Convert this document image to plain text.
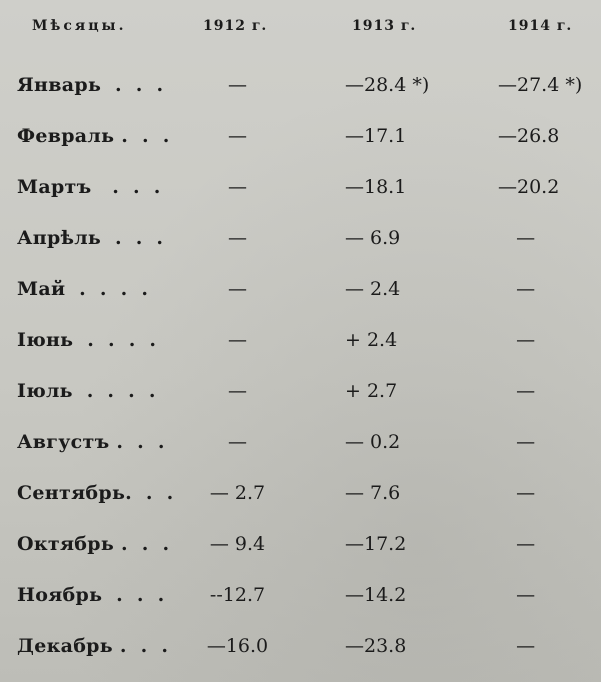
Мѣсяцы.	1912 г.	1913 г.	1914 г.
Январь  .  .  .	—	—28.4 *)	—27.4 *)
Февраль .  .  .	—	—17.1	—26.8
Мартъ   .  .  .	—	—18.1	—20.2
Апрѣль  .  .  .	—	— 6.9	—
Май  .  .  .  .	—	— 2.4	—
Іюнь  .  .  .  .	—	+ 2.4	—
Іюль  .  .  .  .	—	+ 2.7	—
Августъ .  .  .	—	— 0.2	—
Сентябрь.  .  .	— 2.7	— 7.6	—
Октябрь .  .  .	— 9.4	—17.2	—
Ноябрь  .  .  .	--12.7	—14.2	—
Декабрь .  .  .	—16.0	—23.8	—
